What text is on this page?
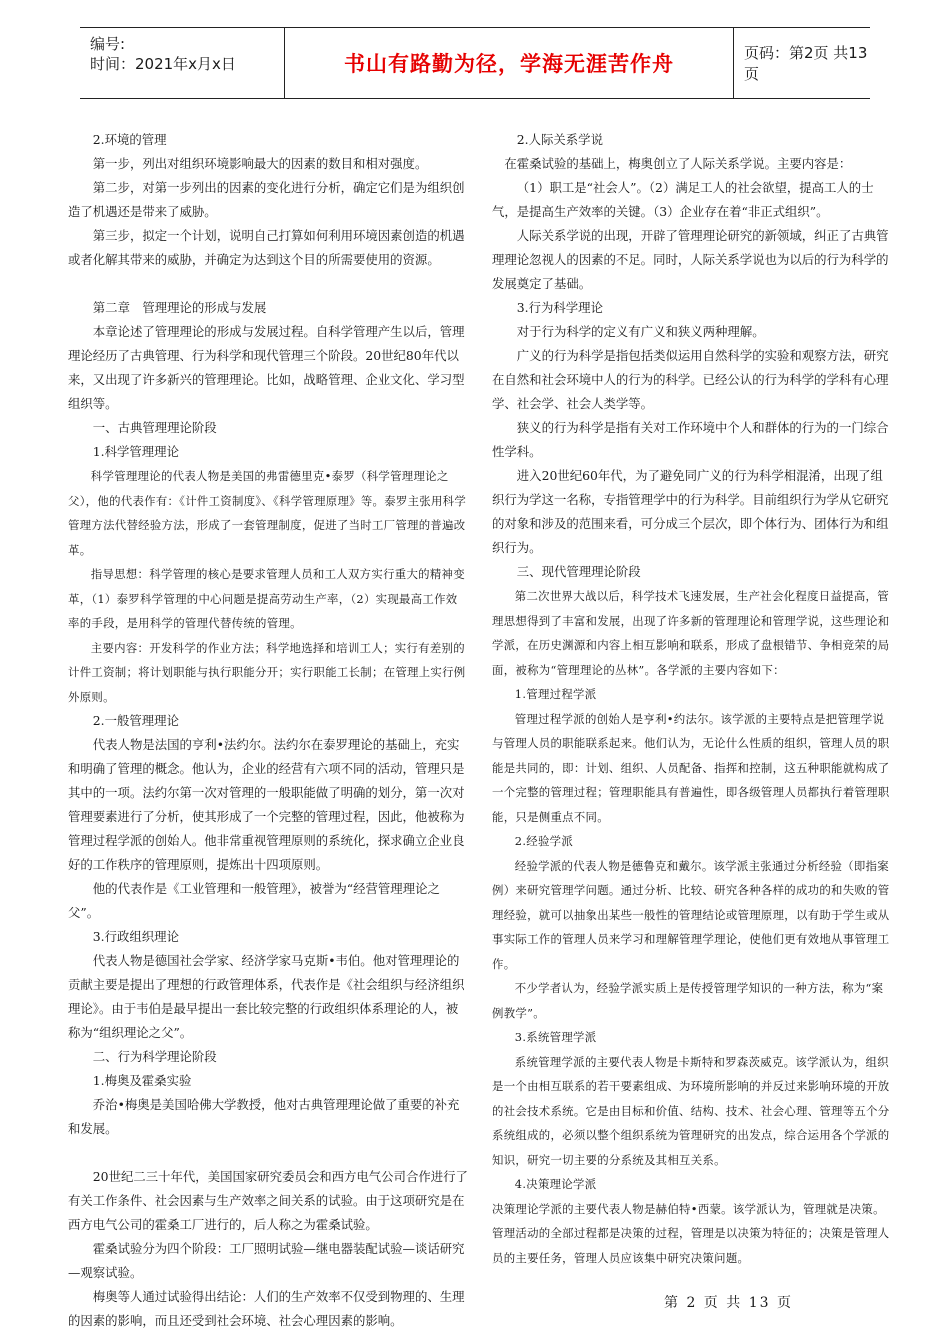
编号:
时间：2021年x月x日	书山有路勤为径，学海无涯苦作舟	页码：第2页 共13页

2.环境的管理

第一步，列出对组织环境影响最大的因素的数目和相对强度。

第二步，对第一步列出的因素的变化进行分析，确定它们是为组织创造了机遇还是带来了威胁。

第三步，拟定一个计划，说明自己打算如何利用环境因素创造的机遇或者化解其带来的威胁，并确定为达到这个目的所需要使用的资源。

第二章　管理理论的形成与发展

本章论述了管理理论的形成与发展过程。自科学管理产生以后，管理理论经历了古典管理、行为科学和现代管理三个阶段。20世纪80年代以来，又出现了许多新兴的管理理论。比如，战略管理、企业文化、学习型组织等。

一、古典管理理论阶段

1.科学管理理论

科学管理理论的代表人物是美国的弗雷德里克•泰罗（科学管理理论之父），他的代表作有：《计件工资制度》、《科学管理原理》等。泰罗主张用科学管理方法代替经验方法，形成了一套管理制度，促进了当时工厂管理的普遍改革。

指导思想：科学管理的核心是要求管理人员和工人双方实行重大的精神变革，（1）泰罗科学管理的中心问题是提高劳动生产率，（2）实现最高工作效率的手段，是用科学的管理代替传统的管理。

主要内容：开发科学的作业方法；科学地选择和培训工人；实行有差别的计件工资制；将计划职能与执行职能分开；实行职能工长制；在管理上实行例外原则。

2.一般管理理论

代表人物是法国的亨利•法约尔。法约尔在泰罗理论的基础上，充实和明确了管理的概念。他认为，企业的经营有六项不同的活动，管理只是其中的一项。法约尔第一次对管理的一般职能做了明确的划分，第一次对管理要素进行了分析，使其形成了一个完整的管理过程，因此，他被称为管理过程学派的创始人。他非常重视管理原则的系统化，探求确立企业良好的工作秩序的管理原则，提炼出十四项原则。

他的代表作是《工业管理和一般管理》，被誉为“经营管理理论之父”。

3.行政组织理论

代表人物是德国社会学家、经济学家马克斯•韦伯。他对管理理论的贡献主要是提出了理想的行政管理体系，代表作是《社会组织与经济组织理论》。由于韦伯是最早提出一套比较完整的行政组织体系理论的人，被称为“组织理论之父”。

二、行为科学理论阶段

1.梅奥及霍桑实验

乔治•梅奥是美国哈佛大学教授，他对古典管理理论做了重要的补充和发展。

20世纪二三十年代，美国国家研究委员会和西方电气公司合作进行了有关工作条件、社会因素与生产效率之间关系的试验。由于这项研究是在西方电气公司的霍桑工厂进行的，后人称之为霍桑试验。

霍桑试验分为四个阶段：工厂照明试验—继电器装配试验—谈话研究—观察试验。

梅奥等人通过试验得出结论：人们的生产效率不仅受到物理的、生理的因素的影响，而且还受到社会环境、社会心理因素的影响。

2.人际关系学说

在霍桑试验的基础上，梅奥创立了人际关系学说。主要内容是：

（1）职工是“社会人”。（2）满足工人的社会欲望，提高工人的士气，是提高生产效率的关键。（3）企业存在着“非正式组织”。

人际关系学说的出现，开辟了管理理论研究的新领域，纠正了古典管理理论忽视人的因素的不足。同时，人际关系学说也为以后的行为科学的发展奠定了基础。

3.行为科学理论

对于行为科学的定义有广义和狭义两种理解。

广义的行为科学是指包括类似运用自然科学的实验和观察方法，研究在自然和社会环境中人的行为的科学。已经公认的行为科学的学科有心理学、社会学、社会人类学等。

狭义的行为科学是指有关对工作环境中个人和群体的行为的一门综合性学科。

进入20世纪60年代，为了避免同广义的行为科学相混淆，出现了组织行为学这一名称，专指管理学中的行为科学。目前组织行为学从它研究的对象和涉及的范围来看，可分成三个层次，即个体行为、团体行为和组织行为。

三、现代管理理论阶段

第二次世界大战以后，科学技术飞速发展，生产社会化程度日益提高，管理思想得到了丰富和发展，出现了许多新的管理理论和管理学说，这些理论和学派，在历史渊源和内容上相互影响和联系，形成了盘根错节、争相竞荣的局面，被称为“管理理论的丛林”。各学派的主要内容如下：

1.管理过程学派

管理过程学派的创始人是亨利•约法尔。该学派的主要特点是把管理学说与管理人员的职能联系起来。他们认为，无论什么性质的组织，管理人员的职能是共同的，即：计划、组织、人员配备、指挥和控制，这五种职能就构成了一个完整的管理过程；管理职能具有普遍性，即各级管理人员都执行着管理职能，只是侧重点不同。

2.经验学派

经验学派的代表人物是德鲁克和戴尔。该学派主张通过分析经验（即指案例）来研究管理学问题。通过分析、比较、研究各种各样的成功的和失败的管理经验，就可以抽象出某些一般性的管理结论或管理原理，以有助于学生或从事实际工作的管理人员来学习和理解管理学理论，使他们更有效地从事管理工作。

不少学者认为，经验学派实质上是传授管理学知识的一种方法，称为“案例教学”。

3.系统管理学派

系统管理学派的主要代表人物是卡斯特和罗森茨威克。该学派认为，组织是一个由相互联系的若干要素组成、为环境所影响的并反过来影响环境的开放的社会技术系统。它是由目标和价值、结构、技术、社会心理、管理等五个分系统组成的，必须以整个组织系统为管理研究的出发点，综合运用各个学派的知识，研究一切主要的分系统及其相互关系。

4.决策理论学派

决策理论学派的主要代表人物是赫伯特•西蒙。该学派认为，管理就是决策。管理活动的全部过程都是决策的过程，管理是以决策为特征的；决策是管理人员的主要任务，管理人员应该集中研究决策问题。

第 2 页 共 13 页
